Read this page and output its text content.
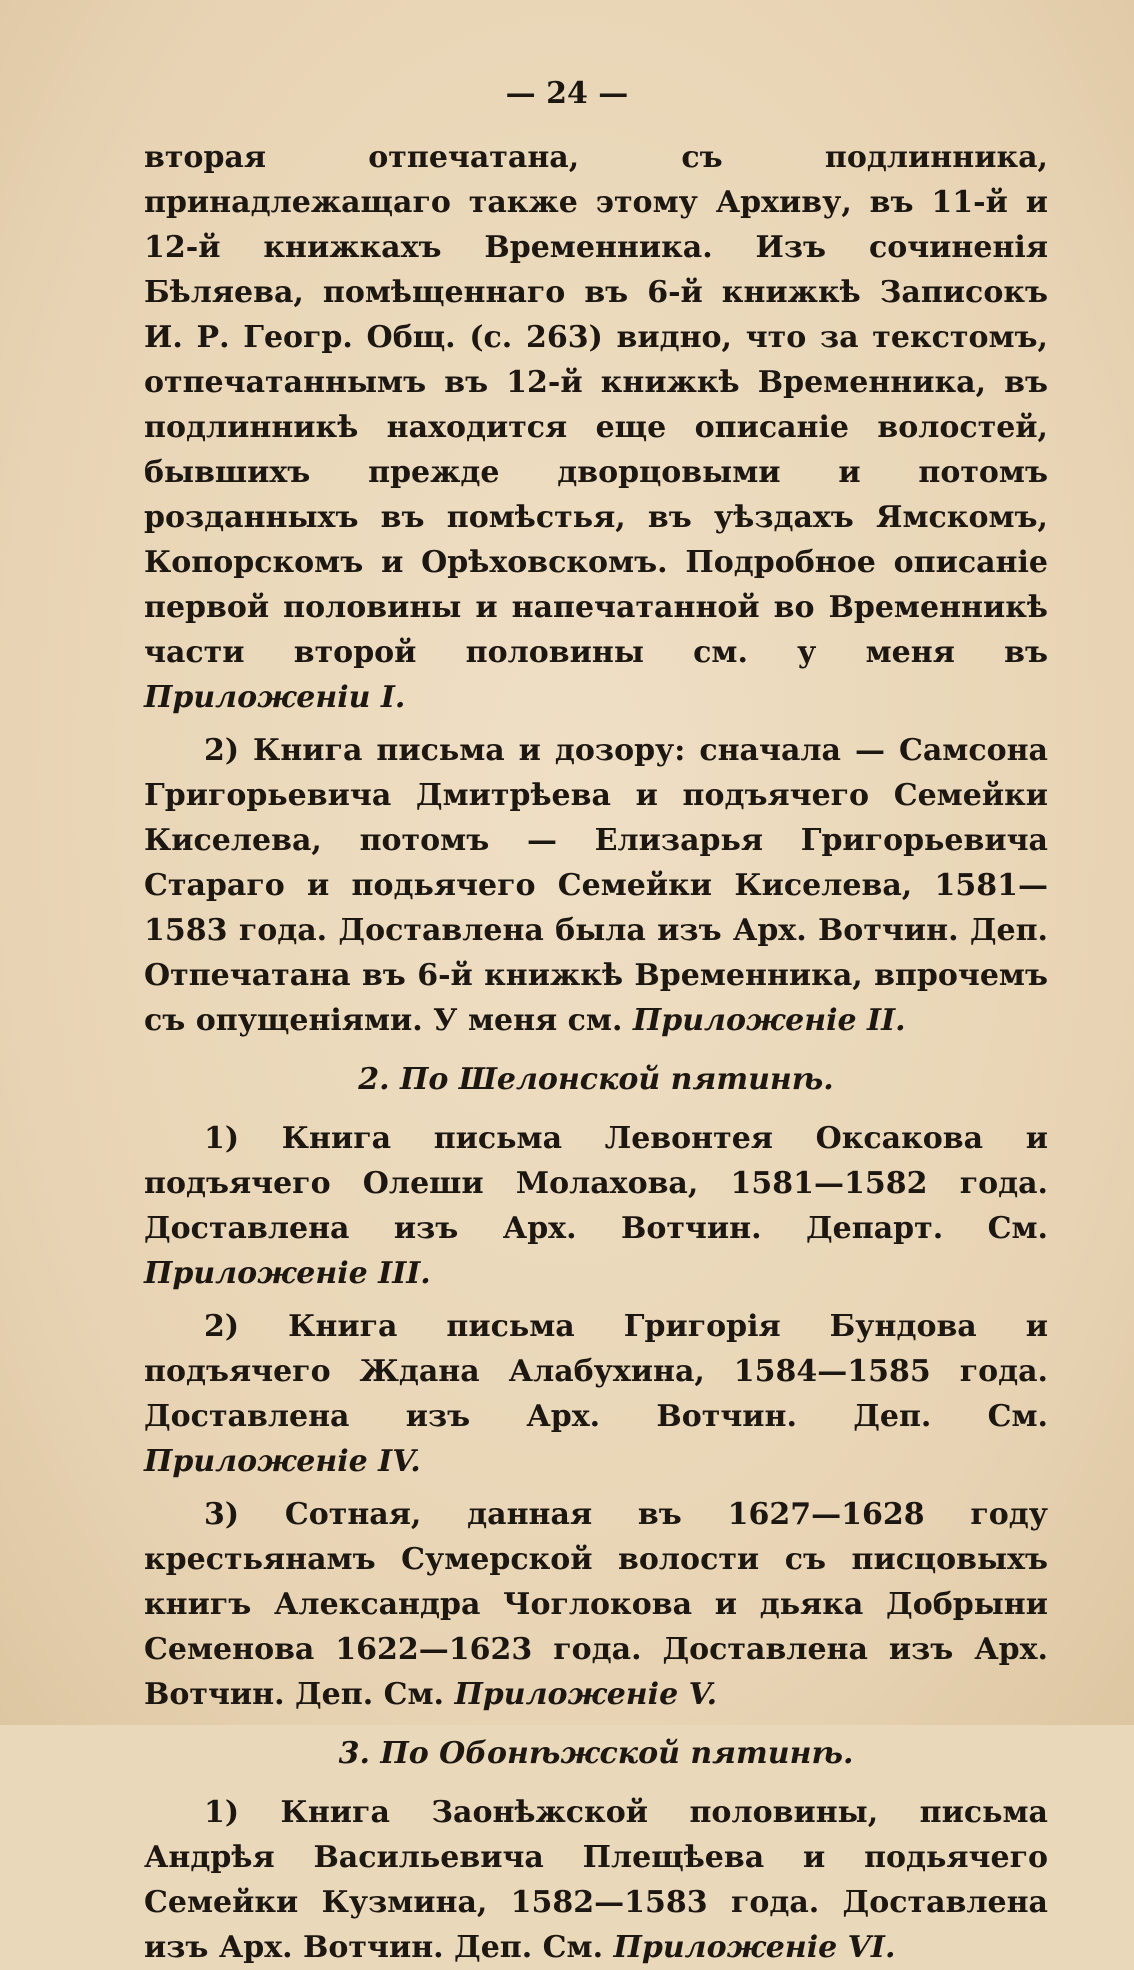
— 24 —

вторая отпечатана, съ подлинника, принадлежащаго также этому Архиву, въ 11-й и 12-й книжкахъ Временника. Изъ сочиненія Бѣляева, помѣщеннаго въ 6-й книжкѣ Записокъ И. Р. Геогр. Общ. (с. 263) видно, что за текстомъ, отпечатаннымъ въ 12-й книжкѣ Временника, въ подлинникѣ находится еще описаніе волостей, бывшихъ прежде дворцовыми и потомъ розданныхъ въ помѣстья, въ уѣздахъ Ямскомъ, Копорскомъ и Орѣховскомъ. Подробное описаніе первой половины и напечатанной во Временникѣ части второй половины см. у меня въ Приложеніи I.

2) Книга письма и дозору: сначала — Самсона Григорьевича Дмитрѣева и подъячего Семейки Киселева, потомъ — Елизарья Григорьевича Стараго и подьячего Семейки Киселева, 1581—1583 года. Доставлена была изъ Арх. Вотчин. Деп. Отпечатана въ 6-й книжкѣ Временника, впрочемъ съ опущеніями. У меня см. Приложеніе II.

2. По Шелонской пятинѣ.

1) Книга письма Левонтея Оксакова и подъячего Олеши Молахова, 1581—1582 года. Доставлена изъ Арх. Вотчин. Департ. См. Приложеніе III.

2) Книга письма Григорія Бундова и подъячего Ждана Алабухина, 1584—1585 года. Доставлена изъ Арх. Вотчин. Деп. См. Приложеніе IV.

3) Сотная, данная въ 1627—1628 году крестьянамъ Сумерской волости съ писцовыхъ книгъ Александра Чоглокова и дьяка Добрыни Семенова 1622—1623 года. Доставлена изъ Арх. Вотчин. Деп. См. Приложеніе V.

3. По Обонѣжской пятинѣ.

1) Книга Заонѣжской половины, письма Андрѣя Васильевича Плещѣева и подьячего Семейки Кузмина, 1582—1583 года. Доставлена изъ Арх. Вотчин. Деп. См. Приложеніе VI.
